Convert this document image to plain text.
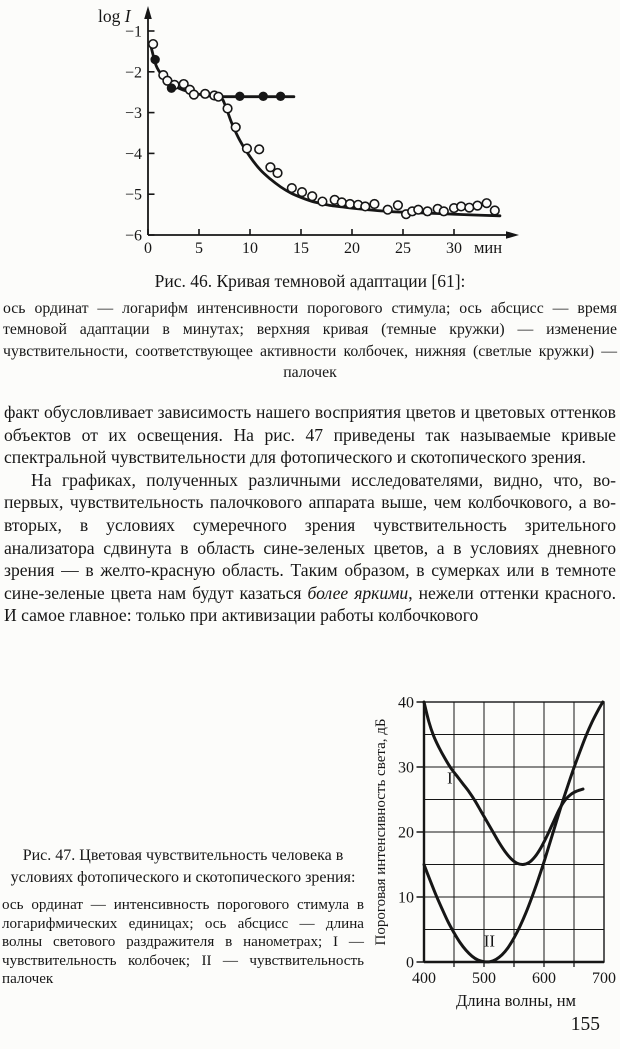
0	5 10 15 20 25 30 мин
−1
−2
−3
−4
−5
−6
log I

Рис. 46. Кривая темновой адаптации [61]:

ось ординат — логарифм интенсивности порогового стимула; ось абсцисс — время темновой адаптации в минутах; верхняя кривая (темные кружки) — изменение чувствительности, соответствующее активности колбочек, нижняя (светлые кружки) — палочек

факт обусловливает зависимость нашего восприятия цветов и цветовых оттенков объектов от их освещения. На рис. 47 приведены так называемые кривые спектральной чувствительности для фотопического и скотопического зрения.

На графиках, полученных различными исследователями, видно, что, во-первых, чувствительность палочкового аппарата выше, чем колбочкового, а во-вторых, в условиях сумеречного зрения чувствительность зрительного анализатора сдвинута в область сине-зеленых цветов, а в условиях дневного зрения — в желто-красную область. Таким образом, в сумерках или в темноте сине-зеленые цвета нам будут казаться более яркими, нежели оттенки красного. И самое главное: только при активизации работы колбочкового

Рис. 47. Цветовая чувствительность человека в условиях фотопического и скотопического зрения:

ось ординат — интенсивность порогового стимула в логарифмических единицах; ось абсцисс — длина волны светового раздражителя в нанометрах; I — чувствительность колбочек; II — чувствительность палочек

0
10
20
30
40
400 500 600 700
Длина волны, нм
Пороговая интенсивность света, дБ	I
II
155
